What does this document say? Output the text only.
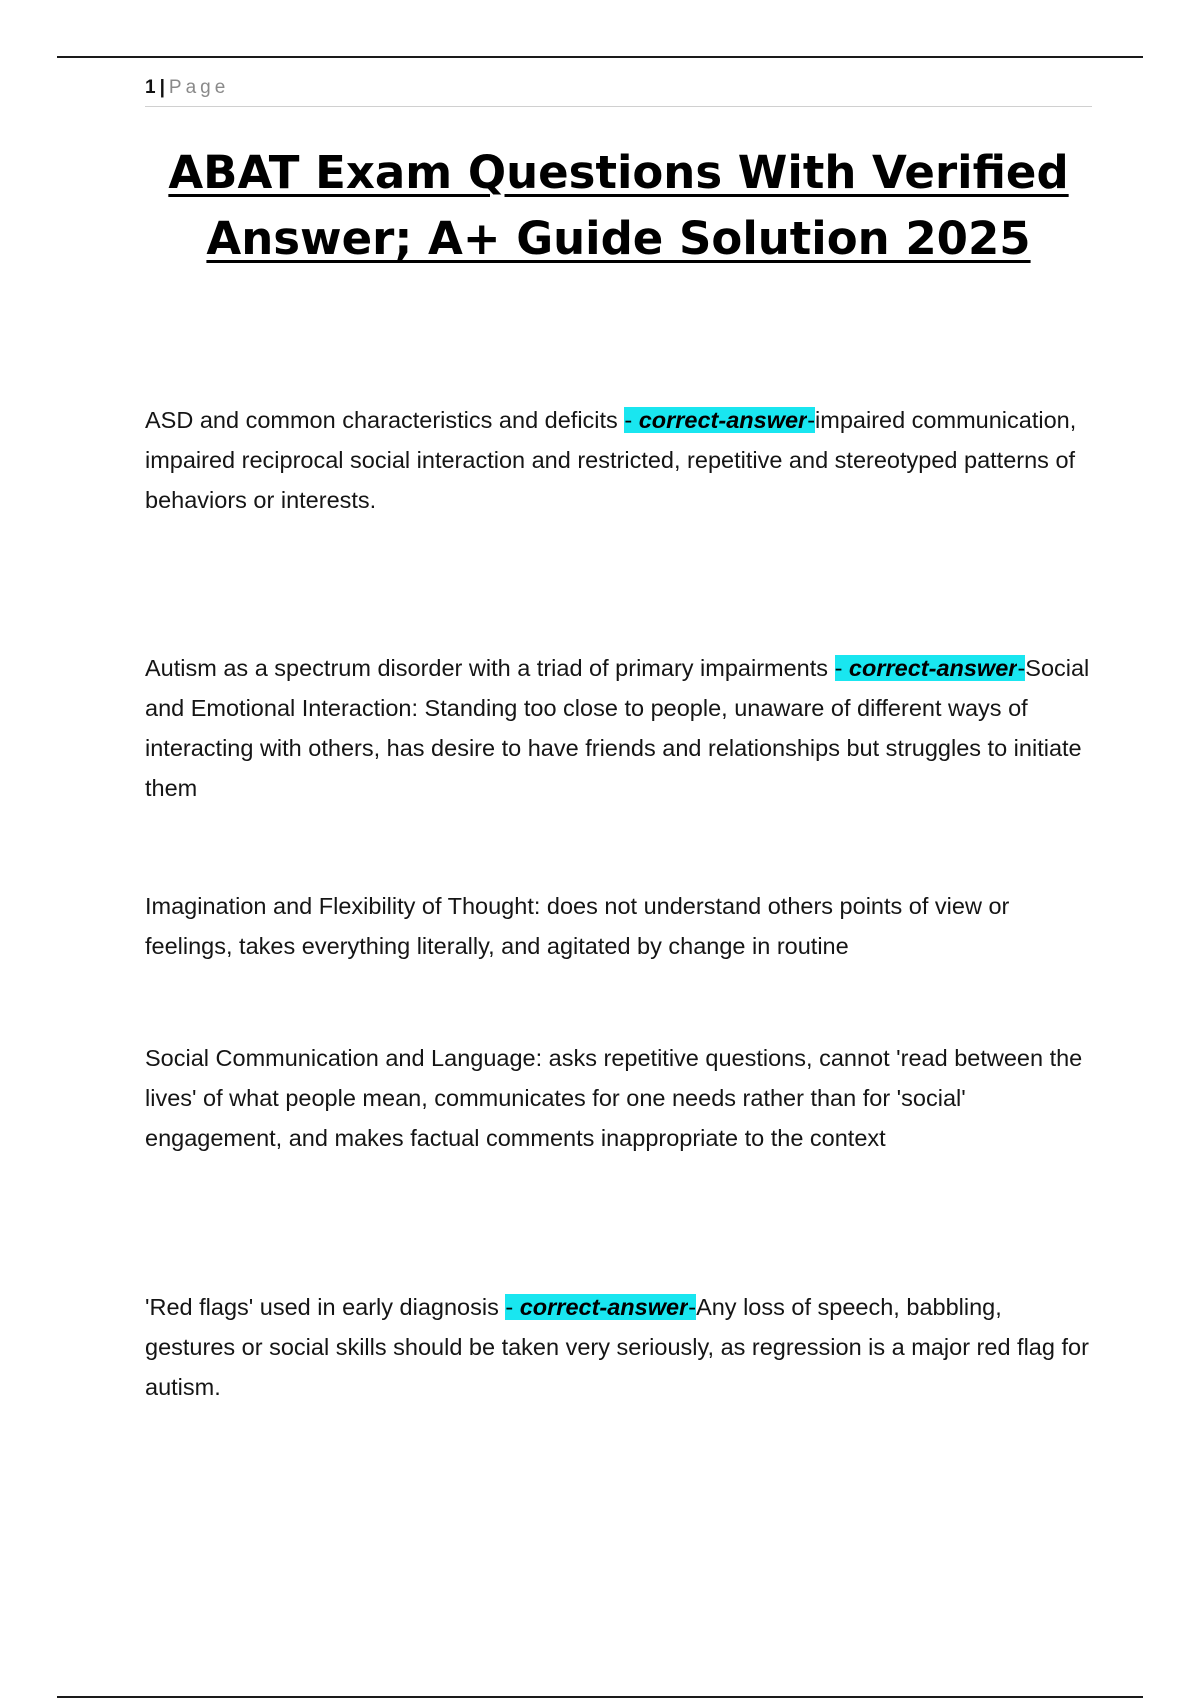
1 | Page
ABAT Exam Questions With Verified
Answer; A+ Guide Solution 2025

ASD and common characteristics and deficits - correct-answer-impaired communication, impaired reciprocal social interaction and restricted, repetitive and stereotyped patterns of behaviors or interests.

Autism as a spectrum disorder with a triad of primary impairments - correct-answer-Social and Emotional Interaction: Standing too close to people, unaware of different ways of interacting with others, has desire to have friends and relationships but struggles to initiate them

Imagination and Flexibility of Thought: does not understand others points of view or feelings, takes everything literally, and agitated by change in routine

Social Communication and Language: asks repetitive questions, cannot 'read between the lives' of what people mean, communicates for one needs rather than for 'social' engagement, and makes factual comments inappropriate to the context

'Red flags' used in early diagnosis - correct-answer-Any loss of speech, babbling, gestures or social skills should be taken very seriously, as regression is a major red flag for autism.
